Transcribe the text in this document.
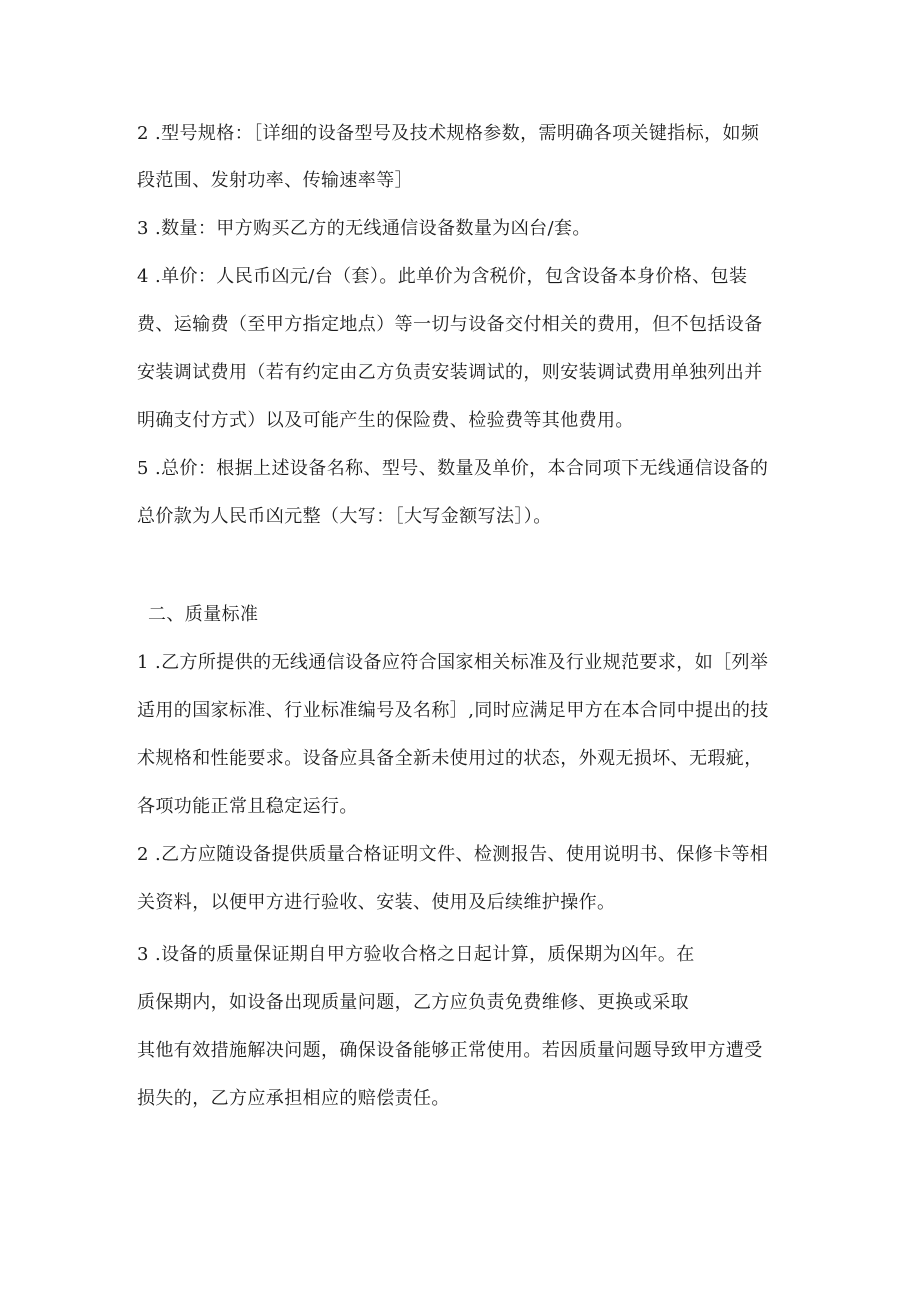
2 .型号规格：［详细的设备型号及技术规格参数，需明确各项关键指标，如频
段范围、发射功率、传输速率等］
3 .数量：甲方购买乙方的无线通信设备数量为凶台/套。
4 .单价：人民币凶元/台（套）。此单价为含税价，包含设备本身价格、包装
费、运输费（至甲方指定地点）等一切与设备交付相关的费用，但不包括设备
安装调试费用（若有约定由乙方负责安装调试的，则安装调试费用单独列出并
明确支付方式）以及可能产生的保险费、检验费等其他费用。
5 .总价：根据上述设备名称、型号、数量及单价，本合同项下无线通信设备的
总价款为人民币凶元整（大写：［大写金额写法］）。
二、质量标准
1 .乙方所提供的无线通信设备应符合国家相关标准及行业规范要求，如［列举
适用的国家标准、行业标准编号及名称］,同时应满足甲方在本合同中提出的技
术规格和性能要求。设备应具备全新未使用过的状态，外观无损坏、无瑕疵，
各项功能正常且稳定运行。
2 .乙方应随设备提供质量合格证明文件、检测报告、使用说明书、保修卡等相
关资料，以便甲方进行验收、安装、使用及后续维护操作。
3 .设备的质量保证期自甲方验收合格之日起计算，质保期为凶年。在
质保期内，如设备出现质量问题，乙方应负责免费维修、更换或采取
其他有效措施解决问题，确保设备能够正常使用。若因质量问题导致甲方遭受
损失的，乙方应承担相应的赔偿责任。
